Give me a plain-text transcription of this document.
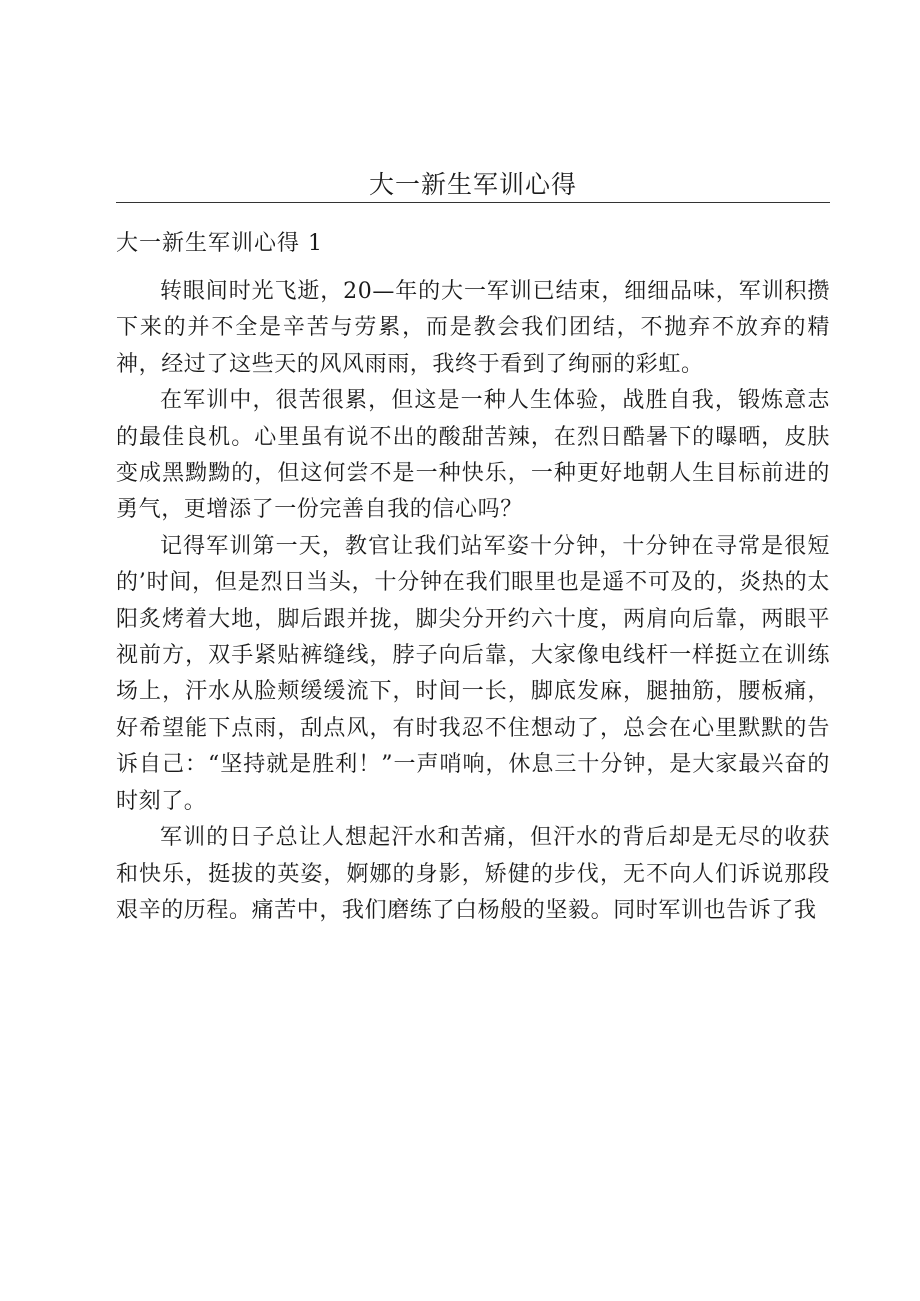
大一新生军训心得

大一新生军训心得 1

转眼间时光飞逝，20—年的大一军训已结束，细细品味，军训积攒下来的并不全是辛苦与劳累，而是教会我们团结，不抛弃不放弃的精神，经过了这些天的风风雨雨，我终于看到了绚丽的彩虹。

在军训中，很苦很累，但这是一种人生体验，战胜自我，锻炼意志的最佳良机。心里虽有说不出的酸甜苦辣，在烈日酷暑下的曝晒，皮肤变成黑黝黝的，但这何尝不是一种快乐，一种更好地朝人生目标前进的勇气，更增添了一份完善自我的信心吗？

记得军训第一天，教官让我们站军姿十分钟，十分钟在寻常是很短的’时间，但是烈日当头，十分钟在我们眼里也是遥不可及的，炎热的太阳炙烤着大地，脚后跟并拢，脚尖分开约六十度，两肩向后靠，两眼平视前方，双手紧贴裤缝线，脖子向后靠，大家像电线杆一样挺立在训练场上，汗水从脸颊缓缓流下，时间一长，脚底发麻，腿抽筋，腰板痛，好希望能下点雨，刮点风，有时我忍不住想动了，总会在心里默默的告诉自己：“坚持就是胜利！”一声哨响，休息三十分钟，是大家最兴奋的时刻了。

军训的日子总让人想起汗水和苦痛，但汗水的背后却是无尽的收获和快乐，挺拔的英姿，婀娜的身影，矫健的步伐，无不向人们诉说那段艰辛的历程。痛苦中，我们磨练了白杨般的坚毅。同时军训也告诉了我
